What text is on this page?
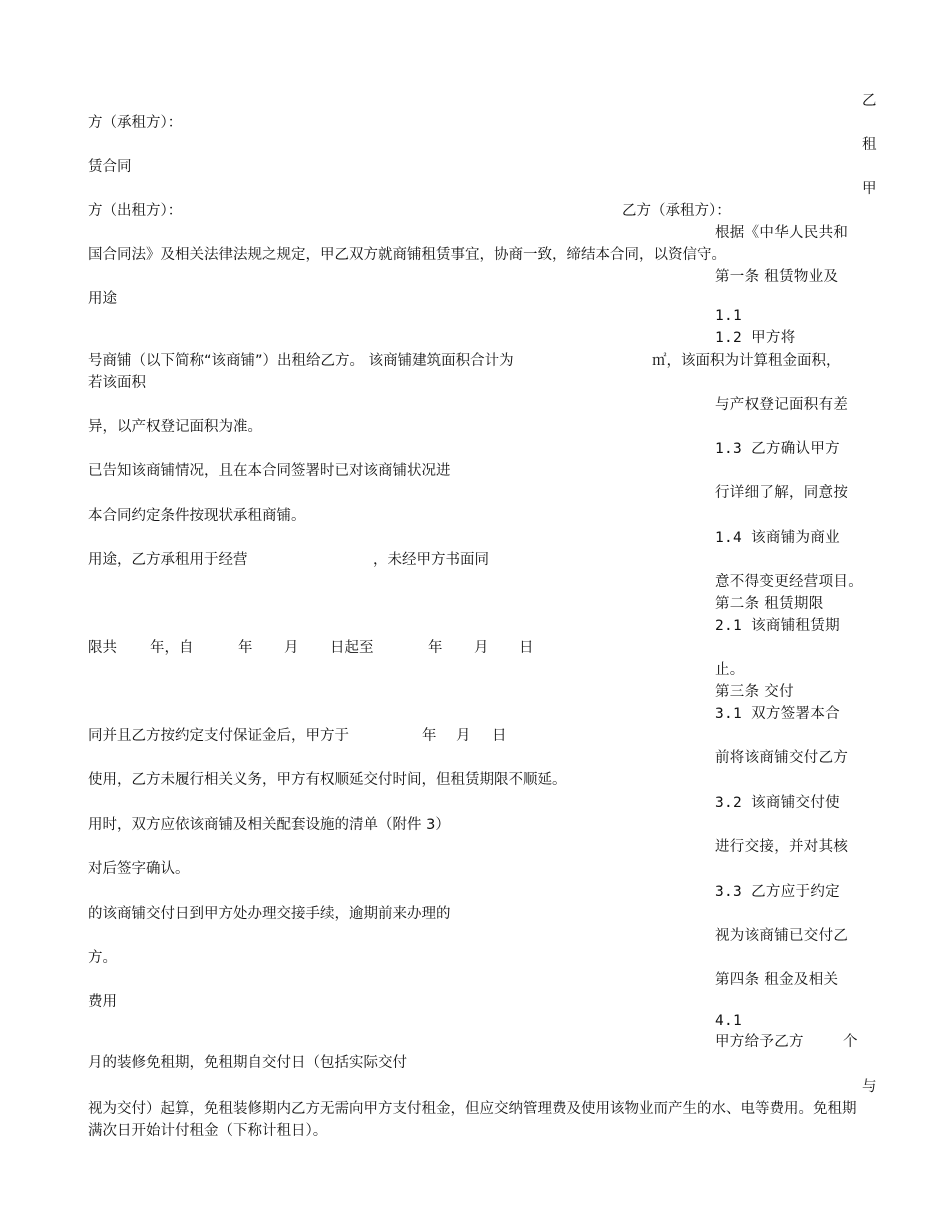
乙
租
甲
与
方（承租方）：
赁合同
方（出租方）：	乙方（承租方）：
国合同法》及相关法律法规之规定，甲乙双方就商铺租赁事宜，协商一致，缔结本合同，以资信守。
用途
号商铺（以下简称“该商铺”）出租给乙方。 该商铺建筑面积合计为	㎡，该面积为计算租金面积，
若该面积
异，以产权登记面积为准。
已告知该商铺情况，且在本合同签署时已对该商铺状况进
本合同约定条件按现状承租商铺。
用途，乙方承租用于经营	，未经甲方书面同
限共 年，自	年 月 日起至	年 月 日
同并且乙方按约定支付保证金后，甲方于	年 月 日
使用，乙方未履行相关义务，甲方有权顺延交付时间，但租赁期限不顺延。
用时，双方应依该商铺及相关配套设施的清单（附件 3）
对后签字确认。
的该商铺交付日到甲方处办理交接手续，逾期前来办理的
方。
费用
月的装修免租期，免租期自交付日（包括实际交付
视为交付）起算，免租装修期内乙方无需向甲方支付租金，但应交纳管理费及使用该物业而产生的水、电等费用。免租期满次日开始计付租金（下称计租日）。
根据《中华人民共和
第一条 租赁物业及
1.1
1.2 甲方将
与产权登记面积有差
1.3 乙方确认甲方
行详细了解，同意按
1.4 该商铺为商业
意不得变更经营项目。
第二条 租赁期限
2.1 该商铺租赁期
止。
第三条 交付
3.1 双方签署本合
前将该商铺交付乙方
3.2 该商铺交付使
进行交接，并对其核
3.3 乙方应于约定
视为该商铺已交付乙
第四条 租金及相关
4.1
甲方给予乙方	个
